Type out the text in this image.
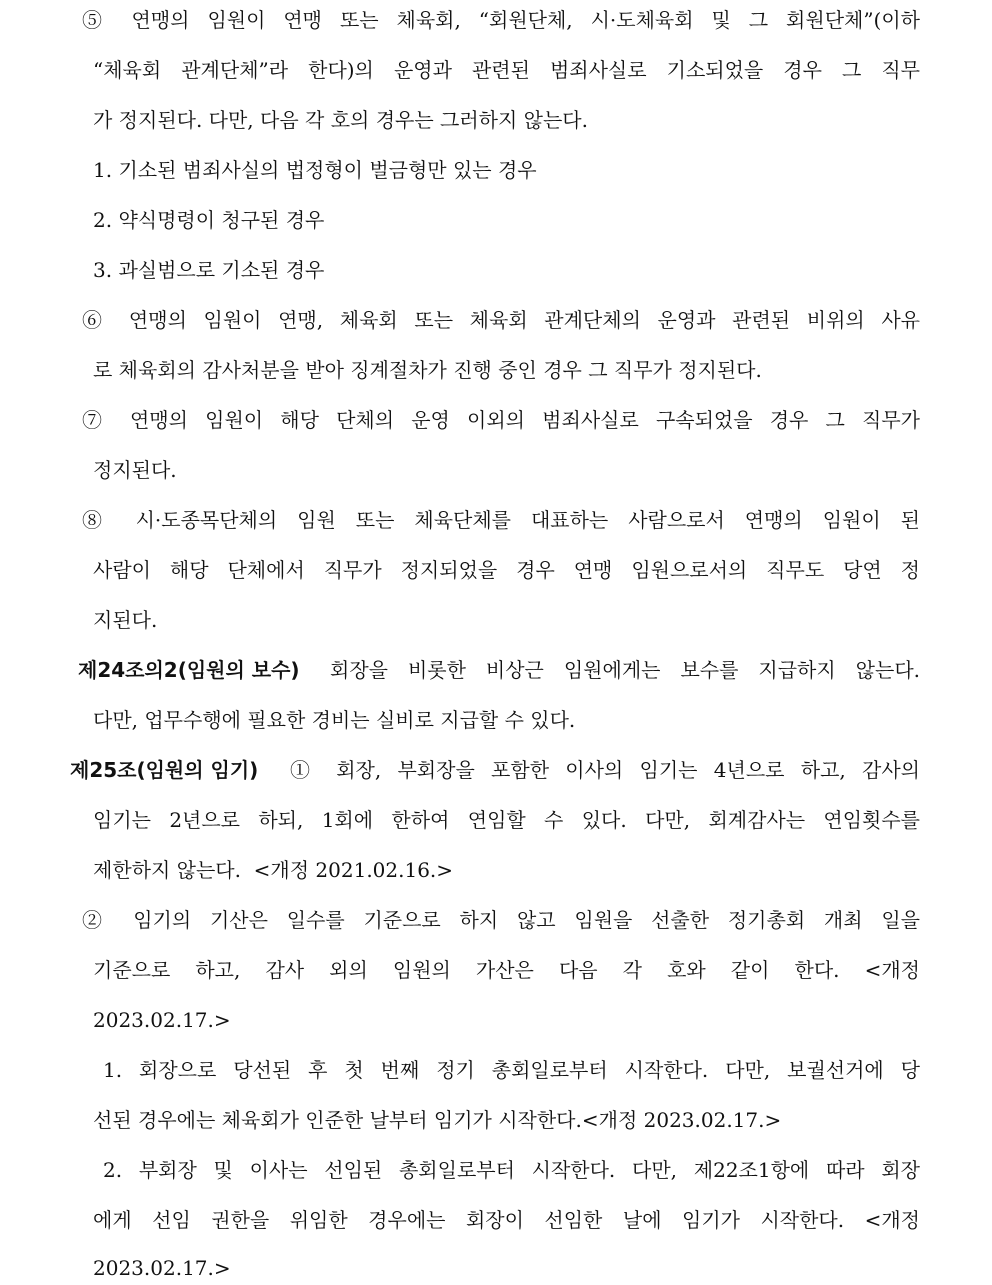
⑤ 연맹의 임원이 연맹 또는 체육회, “회원단체, 시·도체육회 및 그 회원단체”(이하
“체육회 관계단체”라 한다)의 운영과 관련된 범죄사실로 기소되었을 경우 그 직무
가 정지된다. 다만, 다음 각 호의 경우는 그러하지 않는다.
1. 기소된 범죄사실의 법정형이 벌금형만 있는 경우
2. 약식명령이 청구된 경우
3. 과실범으로 기소된 경우
⑥ 연맹의 임원이 연맹, 체육회 또는 체육회 관계단체의 운영과 관련된 비위의 사유
로 체육회의 감사처분을 받아 징계절차가 진행 중인 경우 그 직무가 정지된다.
⑦ 연맹의 임원이 해당 단체의 운영 이외의 범죄사실로 구속되었을 경우 그 직무가
정지된다.
⑧ 시·도종목단체의 임원 또는 체육단체를 대표하는 사람으로서 연맹의 임원이 된
사람이 해당 단체에서 직무가 정지되었을 경우 연맹 임원으로서의 직무도 당연 정
지된다.
제24조의2(임원의 보수)	회장을 비롯한 비상근 임원에게는 보수를 지급하지 않는다.
다만, 업무수행에 필요한 경비는 실비로 지급할 수 있다.
제25조(임원의 임기)	① 회장, 부회장을 포함한 이사의 임기는 4년으로 하고, 감사의
임기는 2년으로 하되, 1회에 한하여 연임할 수 있다. 다만, 회계감사는 연임횟수를
제한하지 않는다.  <개정 2021.02.16.>
② 임기의 기산은 일수를 기준으로 하지 않고 임원을 선출한 정기총회 개최 일을
기준으로 하고, 감사 외의 임원의 가산은 다음 각 호와 같이 한다. <개정
2023.02.17.>
1. 회장으로 당선된 후 첫 번째 정기 총회일로부터 시작한다. 다만, 보궐선거에 당
선된 경우에는 체육회가 인준한 날부터 임기가 시작한다.<개정 2023.02.17.>
2. 부회장 및 이사는 선임된 총회일로부터 시작한다. 다만, 제22조1항에 따라 회장
에게 선임 권한을 위임한 경우에는 회장이 선임한 날에 임기가 시작한다. <개정
2023.02.17.>
